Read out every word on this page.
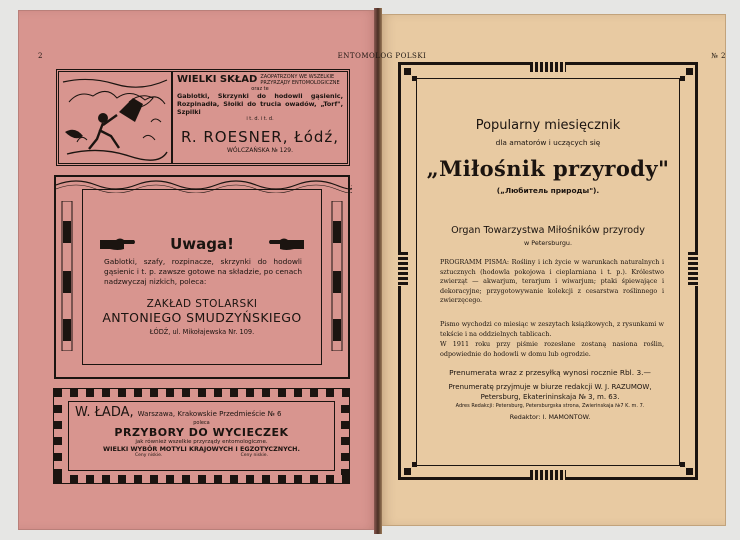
2	ENTOMOLOG POLSKI	№ 2
WIELKI SKŁAD ZAOPATRZONY WE WSZELKIE PRZYRZĄDY ENTOMOLOGICZNE
oraz te
Gablotki, Skrzynki do hodowli gąsienic, Rozpinadła, Słoiki do trucia owadów, „Torf", Szpilki
i t. d. i t. d.
R. ROESNER, Łódź,
WÓLCZAŃSKA № 129.
Uwaga!
Gablotki, szafy, rozpinacze, skrzynki do hodowli gąsienic i t. p. zawsze gotowe na składzie, po cenach nadzwyczaj nizkich, poleca:
ZAKŁAD STOLARSKI
ANTONIEGO SMUDZYŃSKIEGO
ŁÓDŹ, ul. Mikołajewska Nr. 109.
W. ŁADA, Warszawa, Krakowskie Przedmieście № 6
poleca
PRZYBORY DO WYCIECZEK
jak również wszelkie przyrządy entomologiczne.
WIELKI WYBÓR MOTYLI KRAJOWYCH I EGZOTYCZNYCH.
Ceny niskie.	Ceny niskie.
Popularny miesięcznik
dla amatorów i uczących się
„Miłośnik przyrody"
(„Любитель природы").
Organ Towarzystwa Miłośników przyrody
w Petersburgu.
PROGRAMM PISMA: Rośliny i ich życie w warunkach naturalnych i sztucznych (hodowla pokojowa i cieplarniana i t. p.). Królestwo zwierząt — akwarjum, terarjum i wiwarjum; ptaki śpiewające i dekoracyjne; przygotowywanie kolekcji z cesarstwa roślinnego i zwierzęcego.
Pismo wychodzi co miesiąc w zeszytach książkowych, z rysunkami w tekście i na oddzielnych tablicach.
W 1911 roku przy piśmie rozesłane zostaną nasiona roślin, odpowiednie do hodowli w domu lub ogrodzie.
Prenumerata wraz z przesyłką wynosi rocznie Rbl. 3.—
Prenumeratę przyjmuje w biurze redakcji W. J. RAZUMOW, Petersburg, Ekaterininskaja № 3, m. 63.
Adres Redakcji: Petersburg, Petersburgska strona, Zwierinskaja №7 K. m. 7.
Redaktor: I. MAMONTOW.
